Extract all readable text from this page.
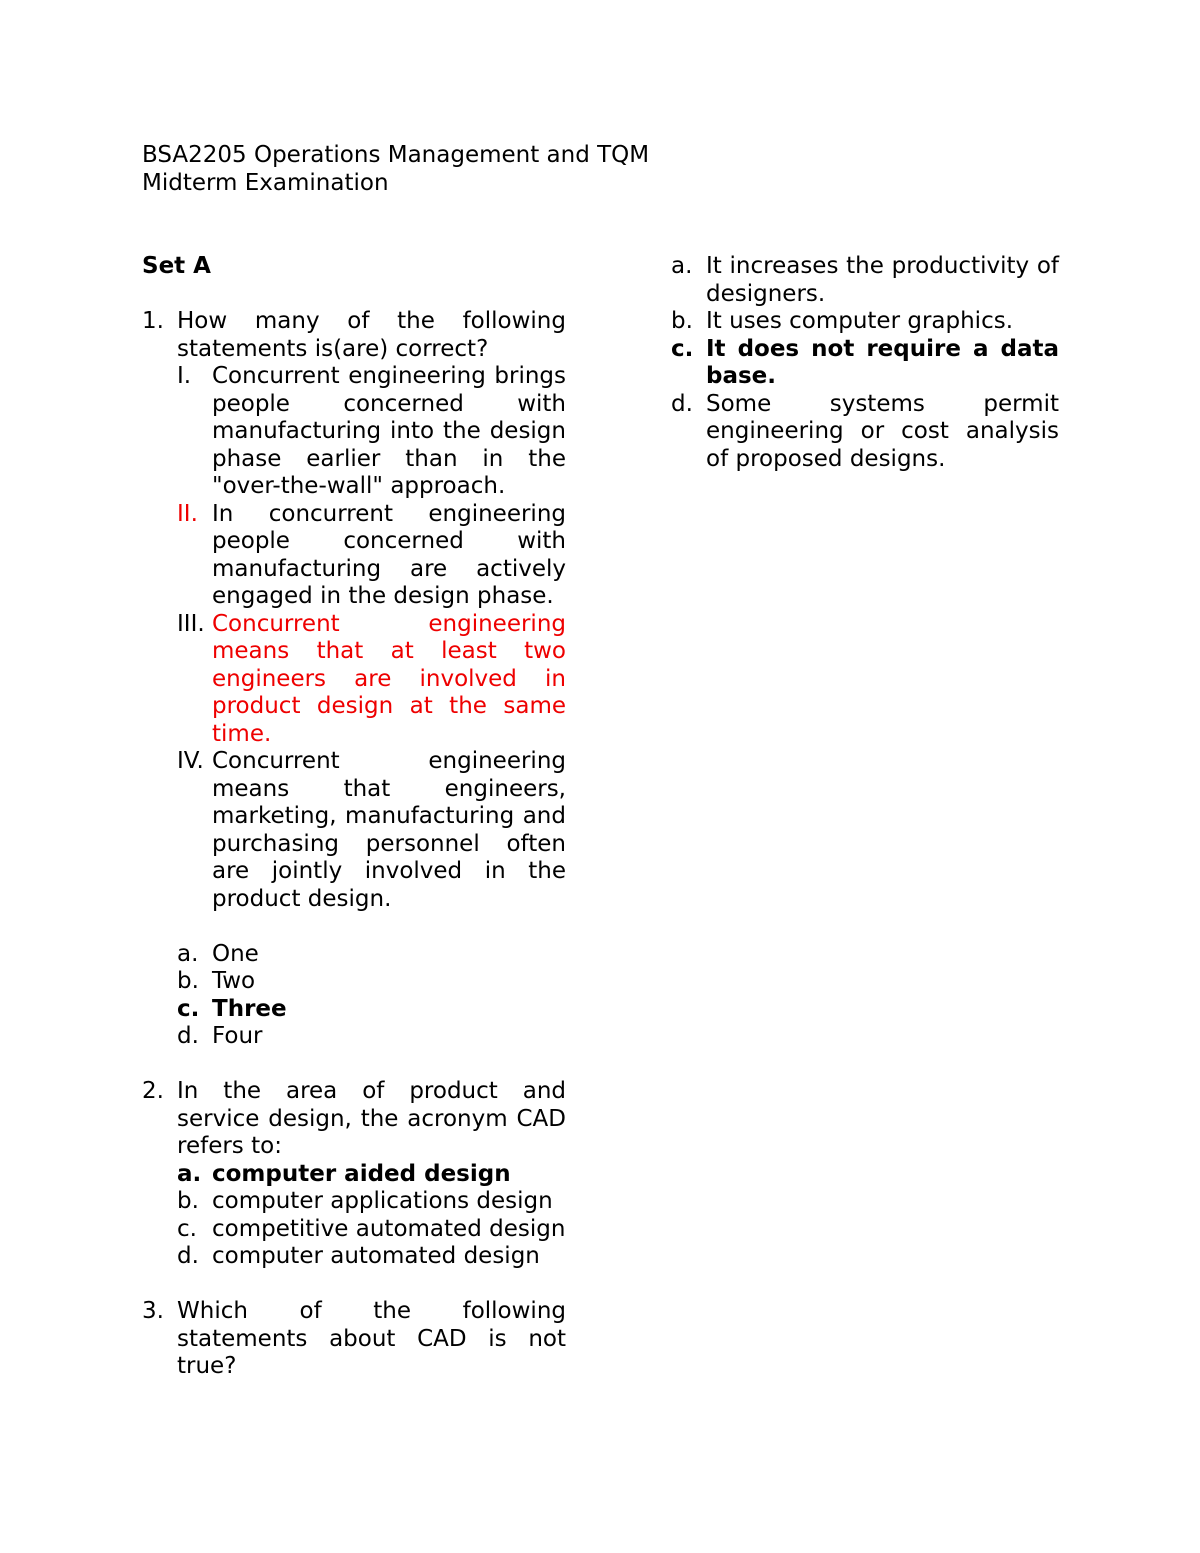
BSA2205 Operations Management and TQM
Midterm Examination
Set A
1. How many of the following statements is(are) correct?
I. Concurrent engineering brings people concerned with manufacturing into the design phase earlier than in the "over-the-wall" approach.
II. In concurrent engineering people concerned with manufacturing are actively engaged in the design phase.
III. Concurrent engineering means that at least two engineers are involved in product design at the same time.
IV. Concurrent engineering means that engineers, marketing, manufacturing and purchasing personnel often are jointly involved in the product design.
a. One
b. Two
c. Three
d. Four
2. In the area of product and service design, the acronym CAD refers to:
a. computer aided design
b. computer applications design
c. competitive automated design
d. computer automated design
3. Which of the following statements about CAD is not true?
a. It increases the productivity of designers.
b. It uses computer graphics.
c. It does not require a data base.
d. Some systems permit engineering or cost analysis of proposed designs.
